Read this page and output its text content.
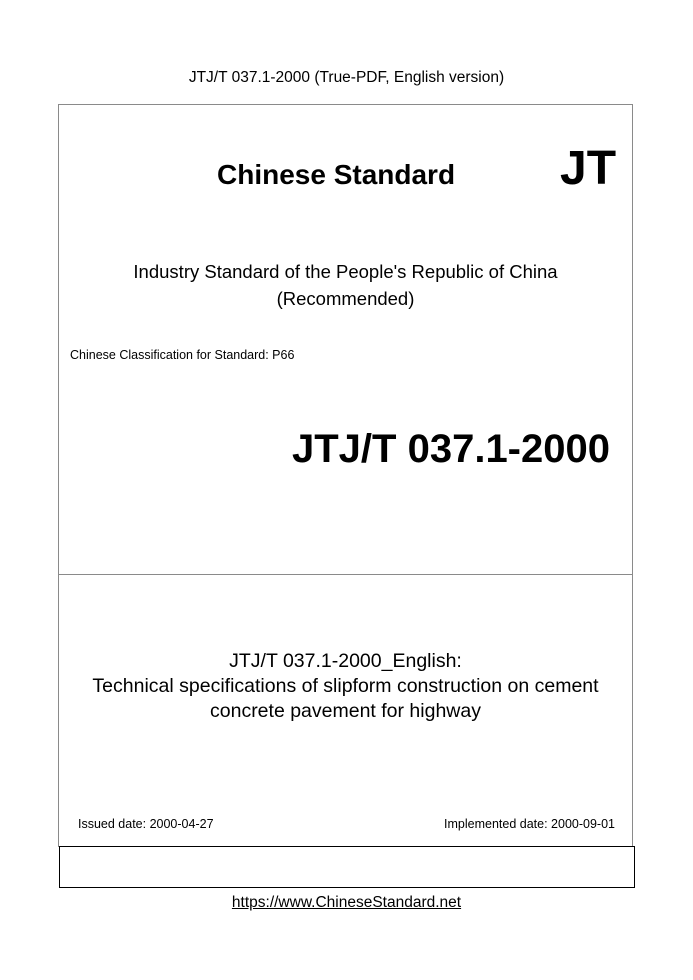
JTJ/T 037.1-2000 (True-PDF, English version)
Chinese Standard JT
Industry Standard of the People's Republic of China
(Recommended)
Chinese Classification for Standard: P66
JTJ/T 037.1-2000
JTJ/T 037.1-2000_English:
Technical specifications of slipform construction on cement
concrete pavement for highway
Issued date: 2000-04-27	Implemented date: 2000-09-01
https://www.ChineseStandard.net
